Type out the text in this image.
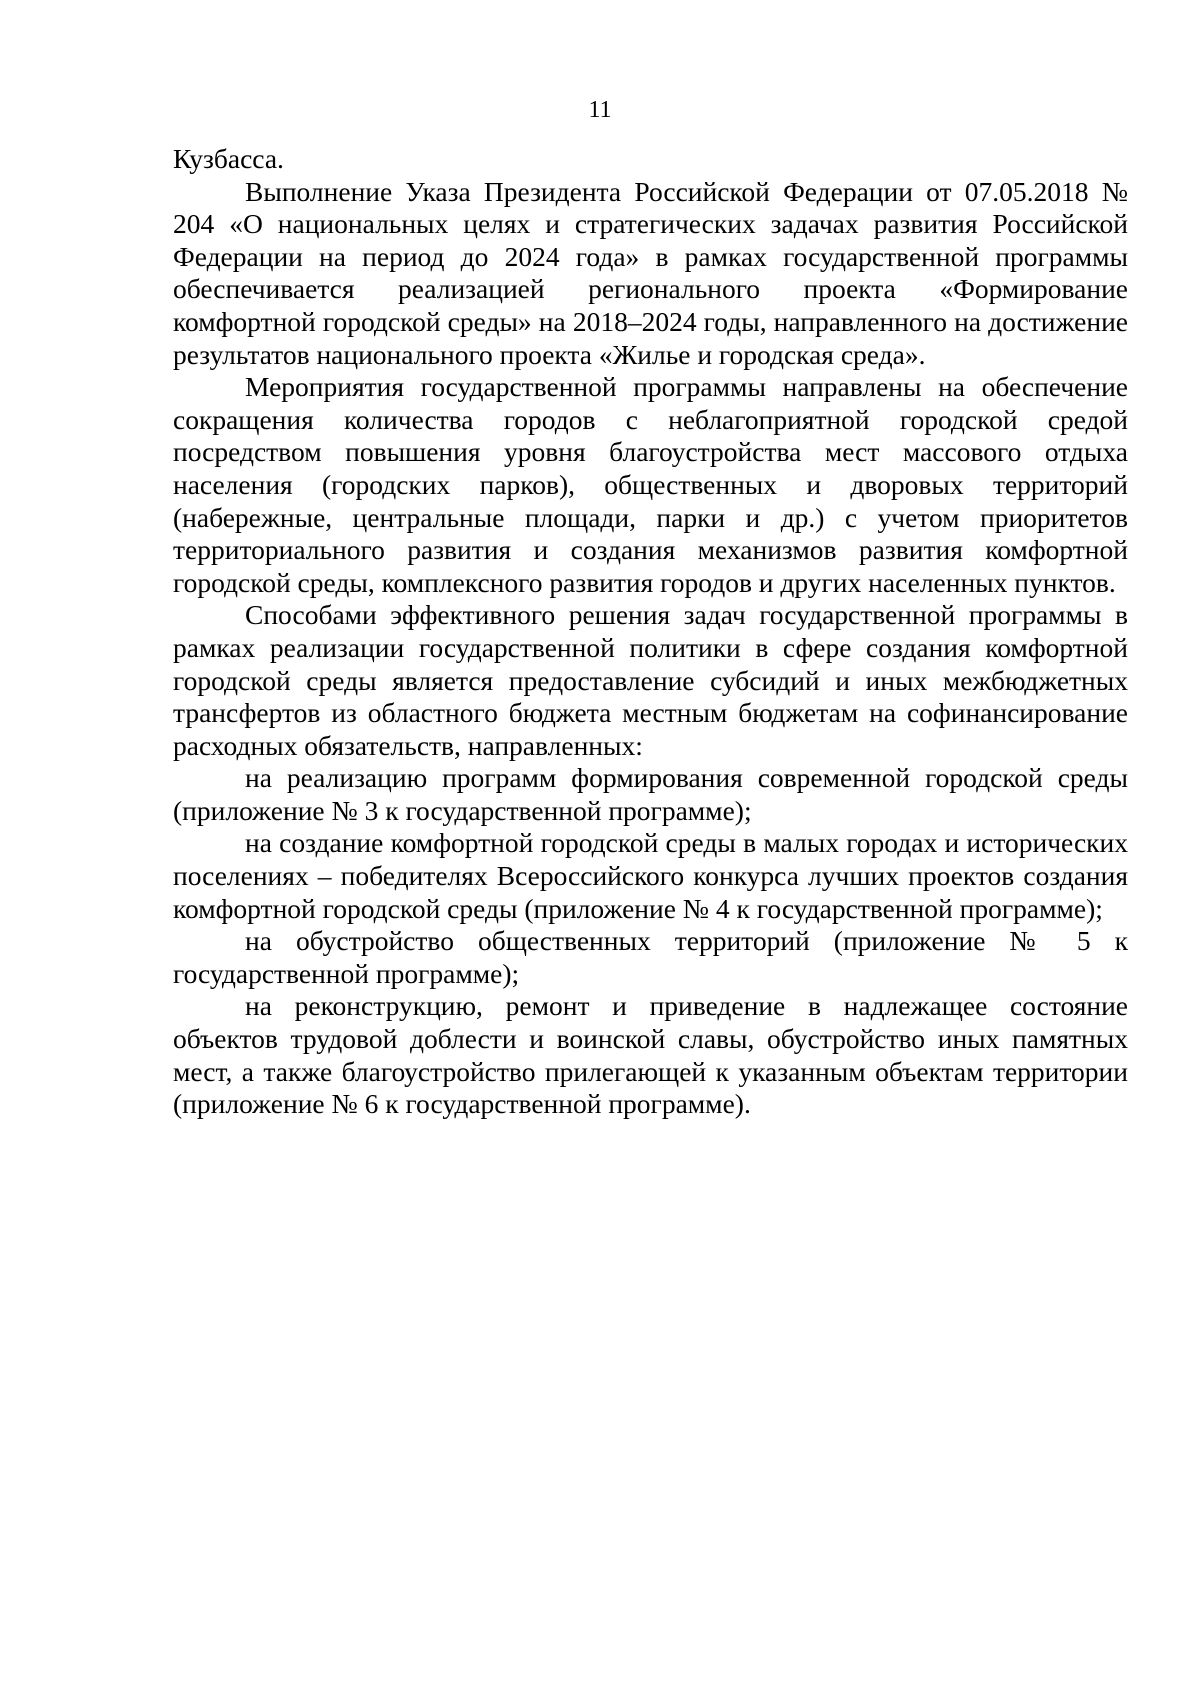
11

Кузбасса.

Выполнение Указа Президента Российской Федерации от 07.05.2018 № 204 «О национальных целях и стратегических задачах развития Российской Федерации на период до 2024 года» в рамках государственной программы обеспечивается реализацией регионального проекта «Формирование комфортной городской среды» на 2018–2024 годы, направленного на достижение результатов национального проекта «Жилье и городская среда».

Мероприятия государственной программы направлены на обеспечение сокращения количества городов с неблагоприятной городской средой посредством повышения уровня благоустройства мест массового отдыха населения (городских парков), общественных и дворовых территорий (набережные, центральные площади, парки и др.) с учетом приоритетов территориального развития и создания механизмов развития комфортной городской среды, комплексного развития городов и других населенных пунктов.

Способами эффективного решения задач государственной программы в рамках реализации государственной политики в сфере создания комфортной городской среды является предоставление субсидий и иных межбюджетных трансфертов из областного бюджета местным бюджетам на софинансирование расходных обязательств, направленных:

на реализацию программ формирования современной городской среды (приложение № 3 к государственной программе);

на создание комфортной городской среды в малых городах и исторических поселениях – победителях Всероссийского конкурса лучших проектов создания комфортной городской среды (приложение № 4 к государственной программе);

на обустройство общественных территорий (приложение № 5 к государственной программе);

на реконструкцию, ремонт и приведение в надлежащее состояние объектов трудовой доблести и воинской славы, обустройство иных памятных мест, а также благоустройство прилегающей к указанным объектам территории (приложение № 6 к государственной программе).
